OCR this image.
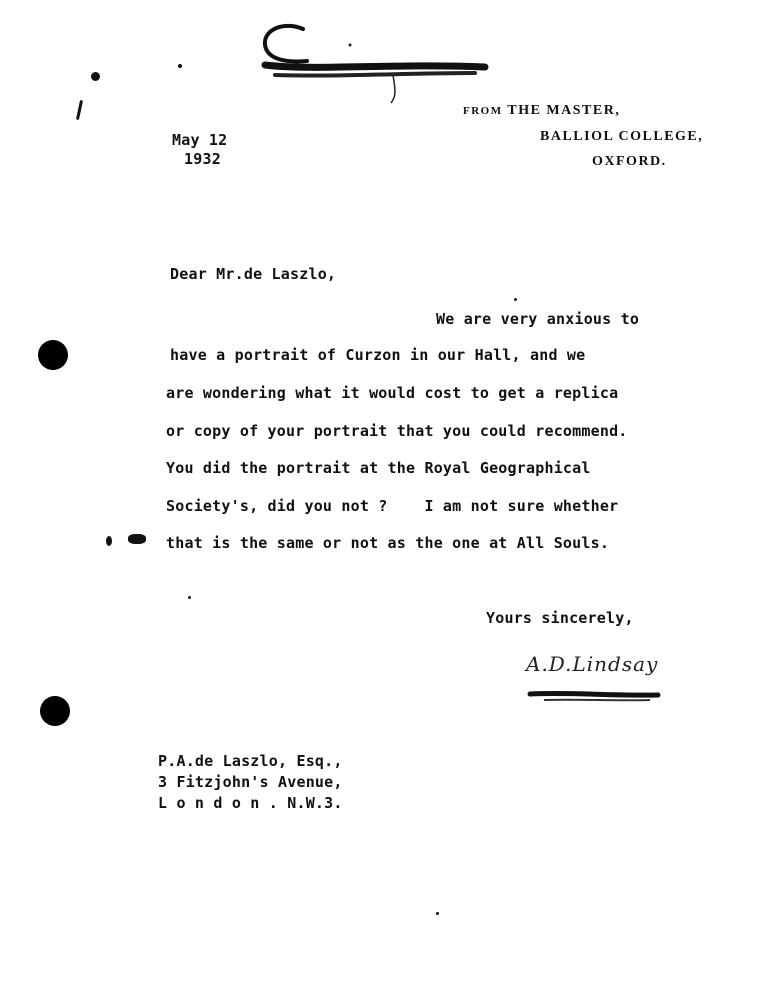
FROM THE MASTER,
BALLIOL COLLEGE,
OXFORD.
May 12
1932
Dear Mr.de Laszlo,
We are very anxious to
have a portrait of Curzon in our Hall, and we
are wondering what it would cost to get a replica
or copy of your portrait that you could recommend.
You did the portrait at the Royal Geographical
Society's, did you not ?    I am not sure whether
that is the same or not as the one at All Souls.
Yours sincerely,
A.D.Lindsay
P.A.de Laszlo, Esq.,
3 Fitzjohn's Avenue,
L o n d o n . N.W.3.
